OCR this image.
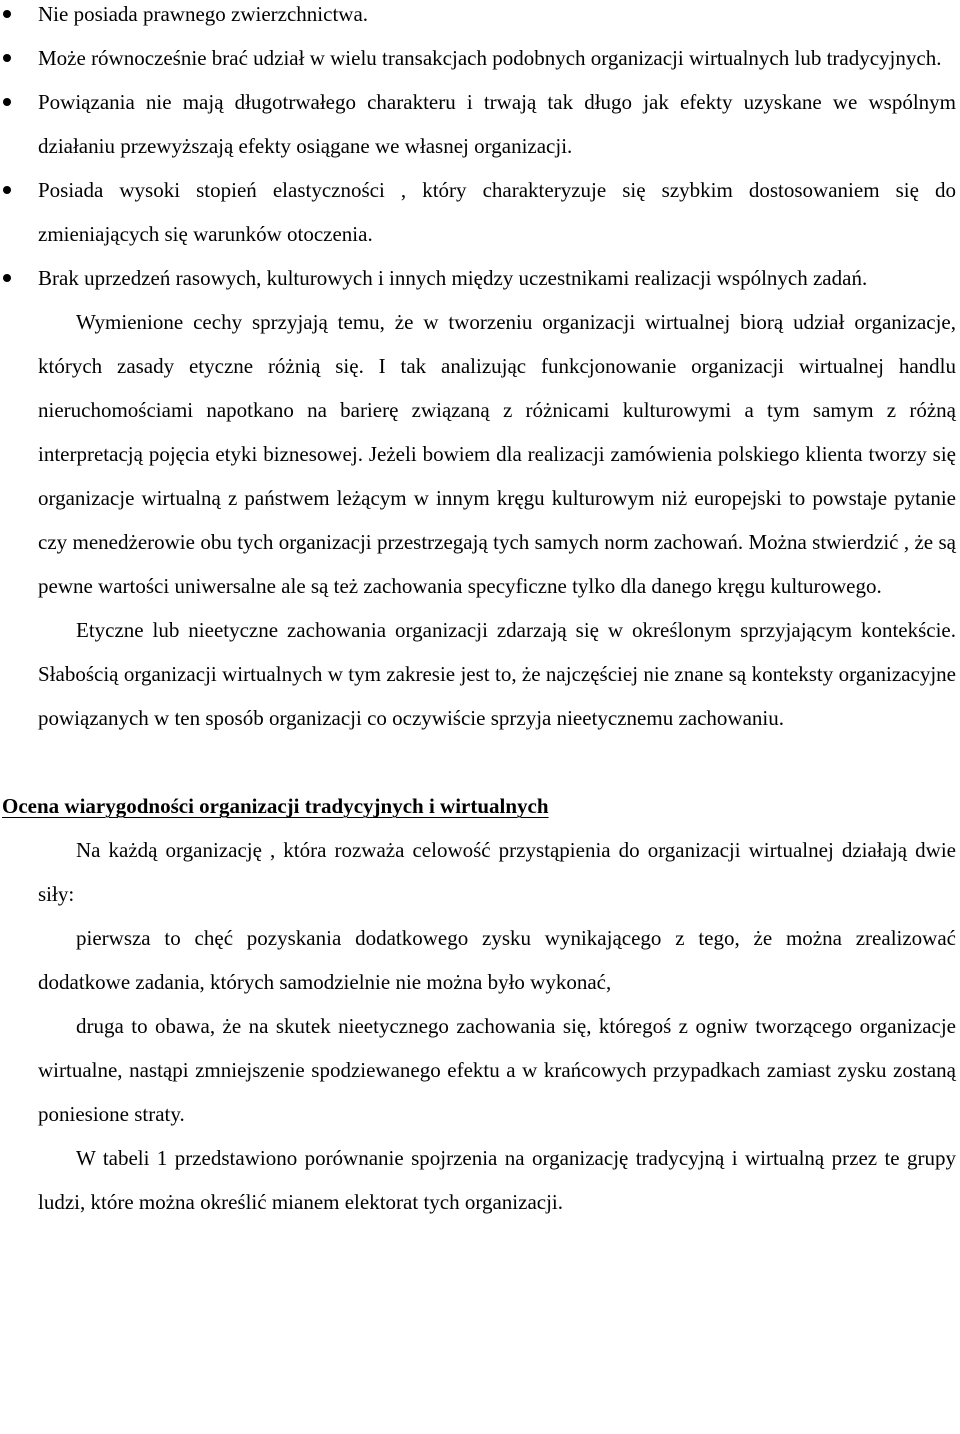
Nie posiada prawnego zwierzchnictwa.
Może równocześnie brać udział w wielu transakcjach podobnych organizacji wirtualnych lub tradycyjnych.
Powiązania nie mają długotrwałego charakteru i trwają tak długo jak efekty uzyskane we wspólnym działaniu przewyższają efekty osiągane we własnej organizacji.
Posiada wysoki stopień elastyczności , który charakteryzuje się szybkim dostosowaniem się do zmieniających się warunków otoczenia.
Brak uprzedzeń rasowych, kulturowych i innych między uczestnikami realizacji wspólnych zadań.

Wymienione cechy sprzyjają temu, że w tworzeniu organizacji wirtualnej biorą udział organizacje, których zasady etyczne różnią się. I tak analizując funkcjonowanie organizacji wirtualnej handlu nieruchomościami napotkano na barierę związaną z różnicami kulturowymi a tym samym z różną interpretacją pojęcia etyki biznesowej. Jeżeli bowiem dla realizacji zamówienia polskiego klienta tworzy się organizacje wirtualną z państwem leżącym w innym kręgu kulturowym niż europejski to powstaje pytanie czy menedżerowie obu tych organizacji przestrzegają tych samych norm zachowań. Można stwierdzić , że są pewne wartości uniwersalne ale są też zachowania specyficzne tylko dla danego kręgu kulturowego.

Etyczne lub nieetyczne zachowania organizacji zdarzają się w określonym sprzyjającym kontekście. Słabością organizacji wirtualnych w tym zakresie jest to, że najczęściej nie znane są konteksty organizacyjne powiązanych w ten sposób organizacji co oczywiście sprzyja nieetycznemu zachowaniu.

Ocena wiarygodności organizacji tradycyjnych i wirtualnych

Na każdą organizację , która rozważa celowość przystąpienia do organizacji wirtualnej działają dwie siły:

pierwsza to chęć pozyskania dodatkowego zysku wynikającego z tego, że można zrealizować dodatkowe zadania, których samodzielnie nie można było wykonać,

druga to obawa, że na skutek nieetycznego zachowania się, któregoś z ogniw tworzącego organizacje wirtualne, nastąpi zmniejszenie spodziewanego efektu a w krańcowych przypadkach zamiast zysku zostaną poniesione straty.

W tabeli 1 przedstawiono porównanie spojrzenia na organizację tradycyjną i wirtualną przez te grupy ludzi, które można określić mianem elektorat tych organizacji.
